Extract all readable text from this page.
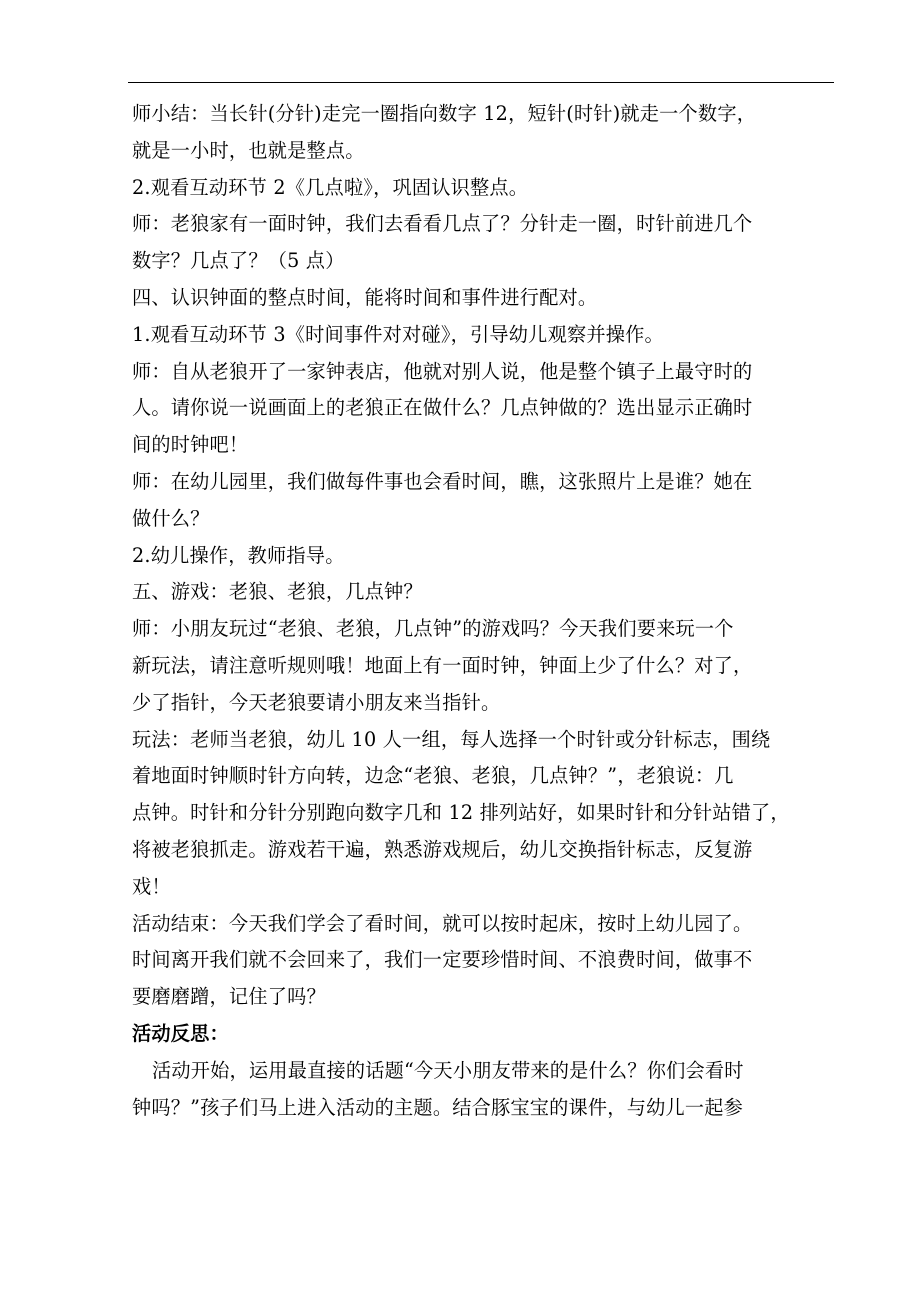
师小结：当长针(分针)走完一圈指向数字 12，短针(时针)就走一个数字，

就是一小时，也就是整点。

2.观看互动环节 2《几点啦》，巩固认识整点。

师：老狼家有一面时钟，我们去看看几点了？分针走一圈，时针前进几个

数字？几点了？（5 点）

四、认识钟面的整点时间，能将时间和事件进行配对。

1.观看互动环节 3《时间事件对对碰》，引导幼儿观察并操作。

师：自从老狼开了一家钟表店，他就对别人说，他是整个镇子上最守时的

人。请你说一说画面上的老狼正在做什么？几点钟做的？选出显示正确时

间的时钟吧！

师：在幼儿园里，我们做每件事也会看时间，瞧，这张照片上是谁？她在

做什么？

2.幼儿操作，教师指导。

五、游戏：老狼、老狼，几点钟？

师：小朋友玩过“老狼、老狼，几点钟”的游戏吗？今天我们要来玩一个

新玩法，请注意听规则哦！地面上有一面时钟，钟面上少了什么？对了，

少了指针，今天老狼要请小朋友来当指针。

玩法：老师当老狼，幼儿 10 人一组，每人选择一个时针或分针标志，围绕

着地面时钟顺时针方向转，边念“老狼、老狼，几点钟？”，老狼说：几

点钟。时针和分针分别跑向数字几和 12 排列站好，如果时针和分针站错了，

将被老狼抓走。游戏若干遍，熟悉游戏规后，幼儿交换指针标志，反复游

戏！

活动结束：今天我们学会了看时间，就可以按时起床，按时上幼儿园了。

时间离开我们就不会回来了，我们一定要珍惜时间、不浪费时间，做事不

要磨磨蹭，记住了吗？

活动反思：

活动开始，运用最直接的话题“今天小朋友带来的是什么？你们会看时

钟吗？”孩子们马上进入活动的主题。结合豚宝宝的课件，与幼儿一起参
